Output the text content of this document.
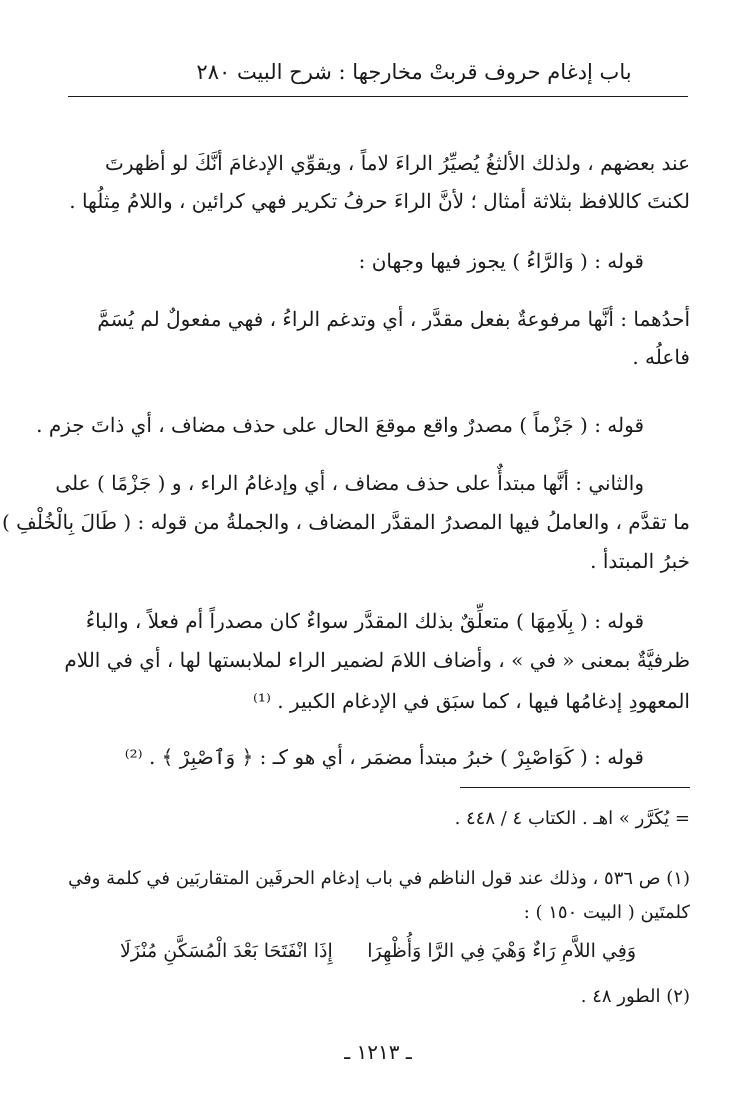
باب إدغام حروف قربتْ مخارجها : شرح البيت ٢٨٠
عند بعضهم ، ولذلك الألثغُ يُصيِّرُ الراءَ لاماً ، ويقوِّي الإدغامَ أنَّكَ لو أظهرتَ
لكنتَ كاللافظ بثلاثة أمثال ؛ لأنَّ الراءَ حرفُ تكرير فهي كرائين ، واللامُ مِثلُها .
قوله : ( وَالرَّاءُ ) يجوز فيها وجهان :
أحدُهما : أنَّها مرفوعةٌ بفعل مقدَّر ، أي وتدغم الراءُ ، فهي مفعولٌ لم يُسَمَّ
فاعلُه .
قوله : ( جَزْماً ) مصدرٌ واقع موقعَ الحال على حذف مضاف ، أي ذاتَ جزم .
والثاني : أنَّها مبتدأٌ على حذف مضاف ، أي وإدغامُ الراء ، و ( جَزْمًا ) على
ما تقدَّم ، والعاملُ فيها المصدرُ المقدَّر المضاف ، والجملةُ من قوله : ( طَالَ بِالْخُلْفِ )
خبرُ المبتدأ .
قوله : ( بِلَامِهَا ) متعلِّقٌ بذلك المقدَّر سواءٌ كان مصدراً أم فعلاً ، والباءُ
ظرفيَّةٌ بمعنى « في » ، وأضاف اللامَ لضمير الراء لملابستها لها ، أي في اللام
المعهودِ إدغامُها فيها ، كما سبَق في الإدغام الكبير . ⁽¹⁾
قوله : ( كَوَاصْبِرْ ) خبرُ مبتدأ مضمَر ، أي هو كـ : ﴿ وَٱصْبِرْ ﴾ . ⁽²⁾
= يُكَرَّر » اهـ . الكتاب ٤ / ٤٤٨ .
(١) ص ٥٣٦ ، وذلك عند قول الناظم في باب إدغام الحرفَين المتقاربَين في كلمة وفي
كلمتَين ( البيت ١٥٠ ) :
وَفِي اللاَّمِ رَاءٌ وَهْيَ فِي الرَّا وَأُظْهِرَا
إِذَا انْفَتَحَا بَعْدَ الْمُسَكَّنِ مُنْزَلَا
(٢) الطور ٤٨ .
ـ ١٢١٣ ـ
